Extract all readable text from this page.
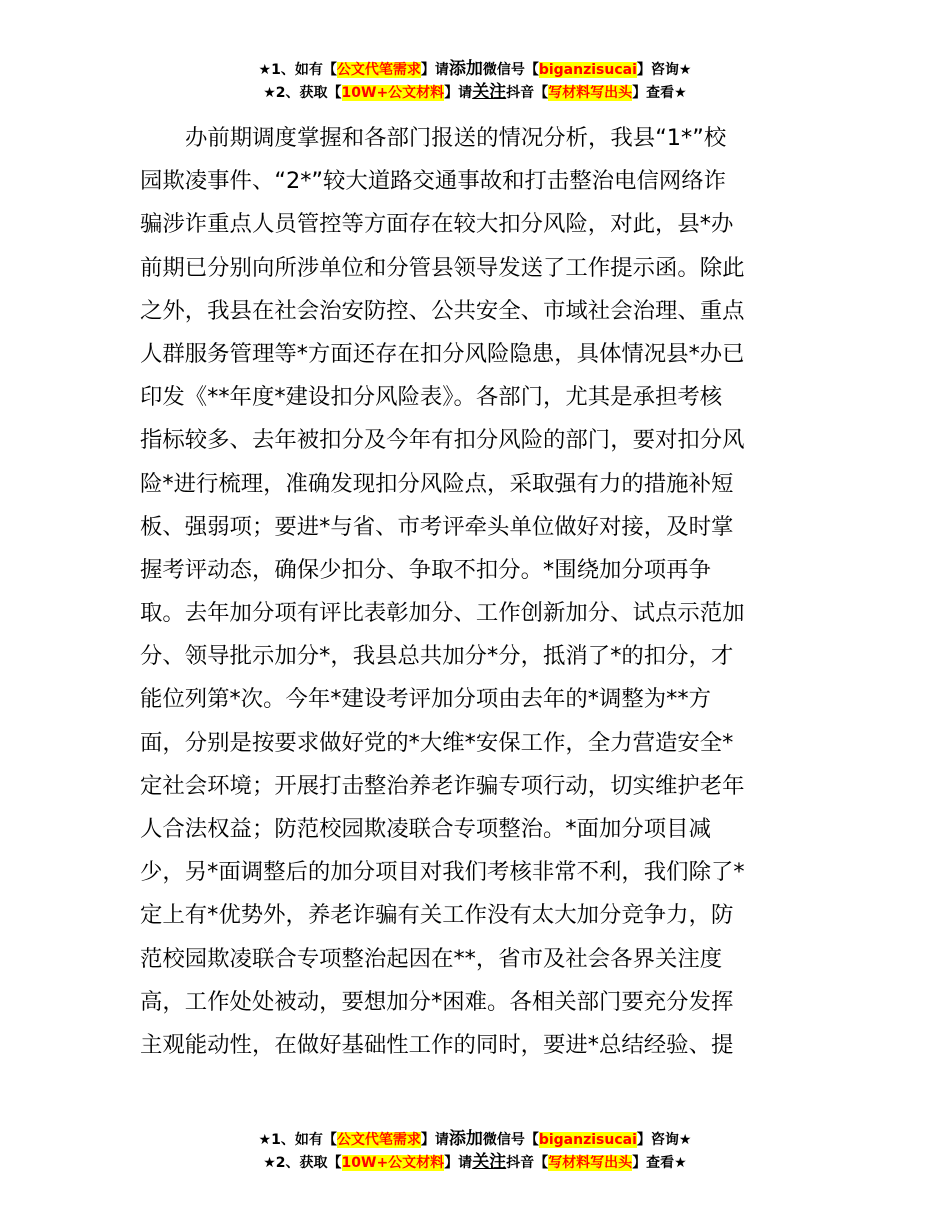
★1、如有【公文代笔需求】请添加微信号【biganzisucai】咨询★
★2、获取【10W+公文材料】请关注抖音【写材料写出头】查看★
办前期调度掌握和各部门报送的情况分析，我县“1*”校
园欺凌事件、“2*”较大道路交通事故和打击整治电信网络诈
骗涉诈重点人员管控等方面存在较大扣分风险，对此，县*办
前期已分别向所涉单位和分管县领导发送了工作提示函。除此
之外，我县在社会治安防控、公共安全、市域社会治理、重点
人群服务管理等*方面还存在扣分风险隐患，具体情况县*办已
印发《**年度*建设扣分风险表》。各部门，尤其是承担考核
指标较多、去年被扣分及今年有扣分风险的部门，要对扣分风
险*进行梳理，准确发现扣分风险点，采取强有力的措施补短
板、强弱项；要进*与省、市考评牵头单位做好对接，及时掌
握考评动态，确保少扣分、争取不扣分。*围绕加分项再争
取。去年加分项有评比表彰加分、工作创新加分、试点示范加
分、领导批示加分*，我县总共加分*分，抵消了*的扣分，才
能位列第*次。今年*建设考评加分项由去年的*调整为**方
面，分别是按要求做好党的*大维*安保工作，全力营造安全*
定社会环境；开展打击整治养老诈骗专项行动，切实维护老年
人合法权益；防范校园欺凌联合专项整治。*面加分项目减
少，另*面调整后的加分项目对我们考核非常不利，我们除了*
定上有*优势外，养老诈骗有关工作没有太大加分竞争力，防
范校园欺凌联合专项整治起因在**，省市及社会各界关注度
高，工作处处被动，要想加分*困难。各相关部门要充分发挥
主观能动性，在做好基础性工作的同时，要进*总结经验、提
★1、如有【公文代笔需求】请添加微信号【biganzisucai】咨询★
★2、获取【10W+公文材料】请关注抖音【写材料写出头】查看★
